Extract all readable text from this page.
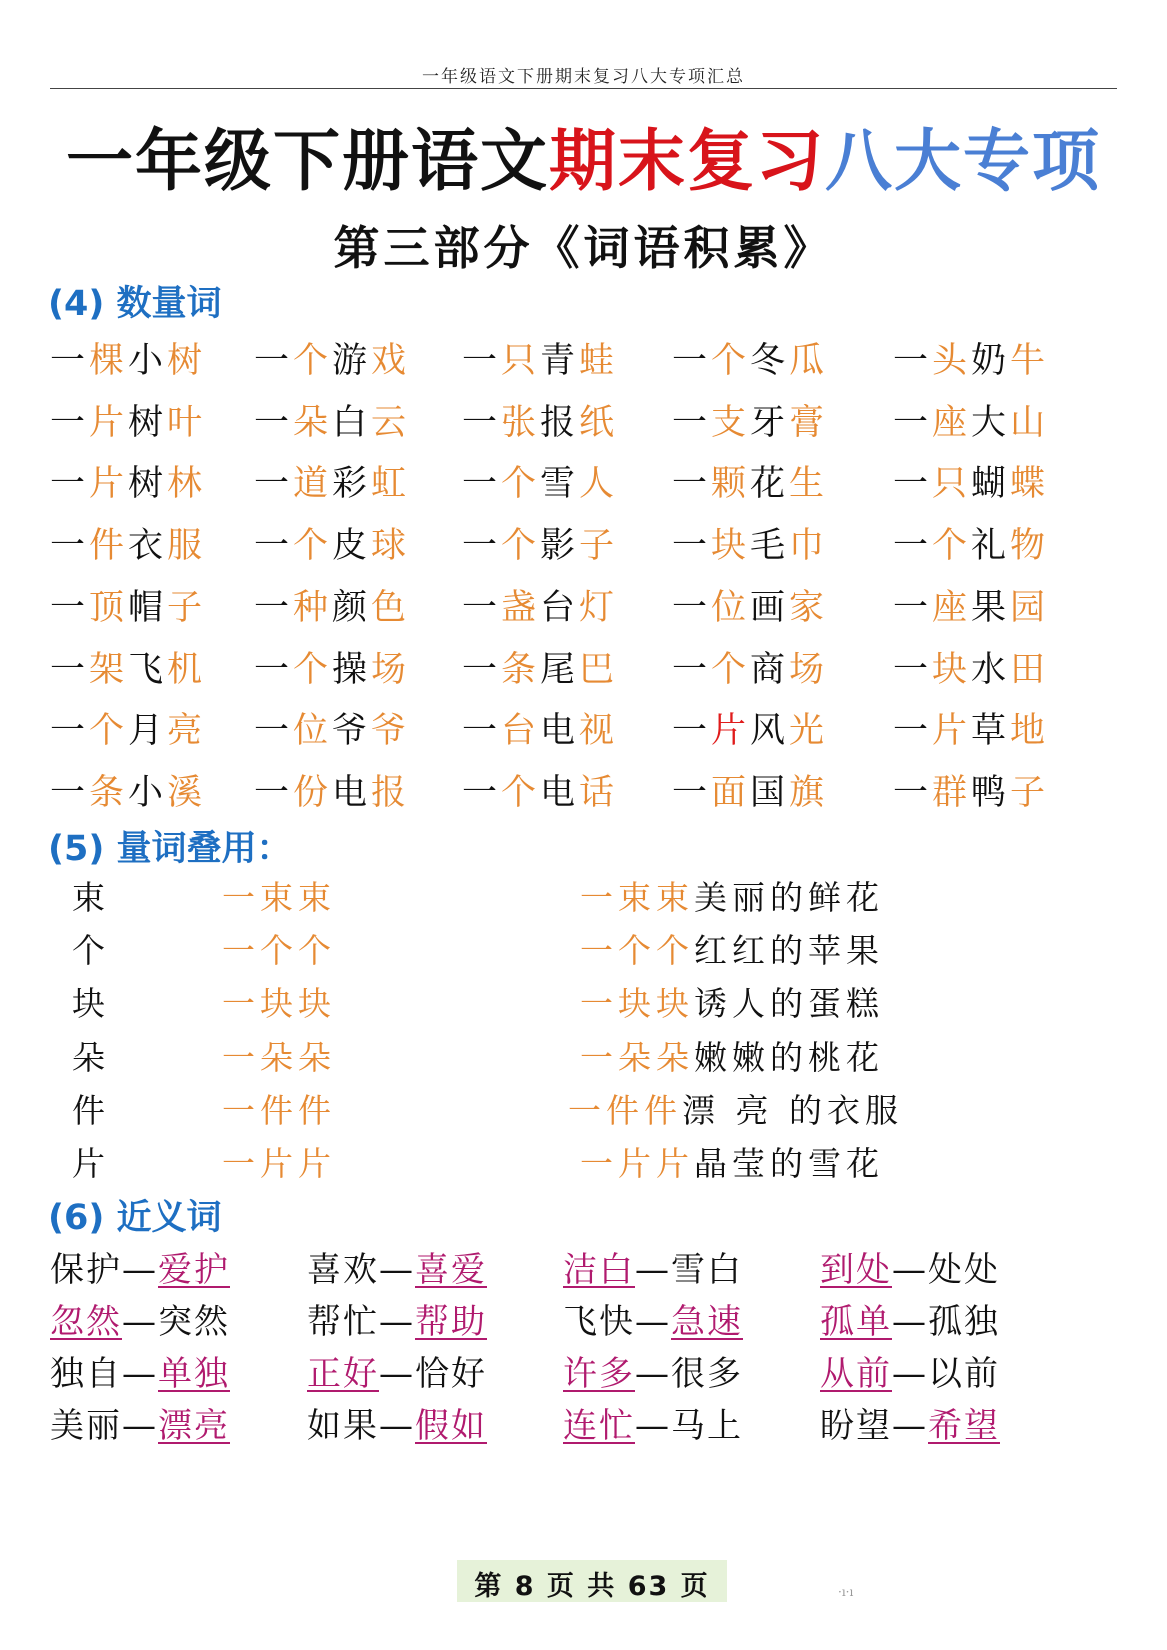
一年级语文下册期末复习八大专项汇总
一年级下册语文期末复习八大专项
第三部分《词语积累》
(4) 数量词
一棵小树 一个游戏 一只青蛙 一个冬瓜 一头奶牛
一片树叶 一朵白云 一张报纸 一支牙膏 一座大山
一片树林 一道彩虹 一个雪人 一颗花生 一只蝴蝶
一件衣服 一个皮球 一个影子 一块毛巾 一个礼物
一顶帽子 一种颜色 一盏台灯 一位画家 一座果园
一架飞机 一个操场 一条尾巴 一个商场 一块水田
一个月亮 一位爷爷 一台电视 一片风光 一片草地
一条小溪 一份电报 一个电话 一面国旗 一群鸭子
(5) 量词叠用：
束	一束束	一束束美丽的鲜花
个	一个个	一个个红红的苹果
块	一块块	一块块诱人的蛋糕
朵	一朵朵	一朵朵嫩嫩的桃花
件	一件件	一件件漂 亮 的衣服
片	一片片	一片片晶莹的雪花
(6) 近义词
保护—爱护 喜欢—喜爱 洁白—雪白 到处—处处
忽然—突然 帮忙—帮助 飞快—急速 孤单—孤独
独自—单独 正好—恰好 许多—很多 从前—以前
美丽—漂亮 如果—假如 连忙—马上 盼望—希望
第 8 页 共 63 页	·ı·ı
